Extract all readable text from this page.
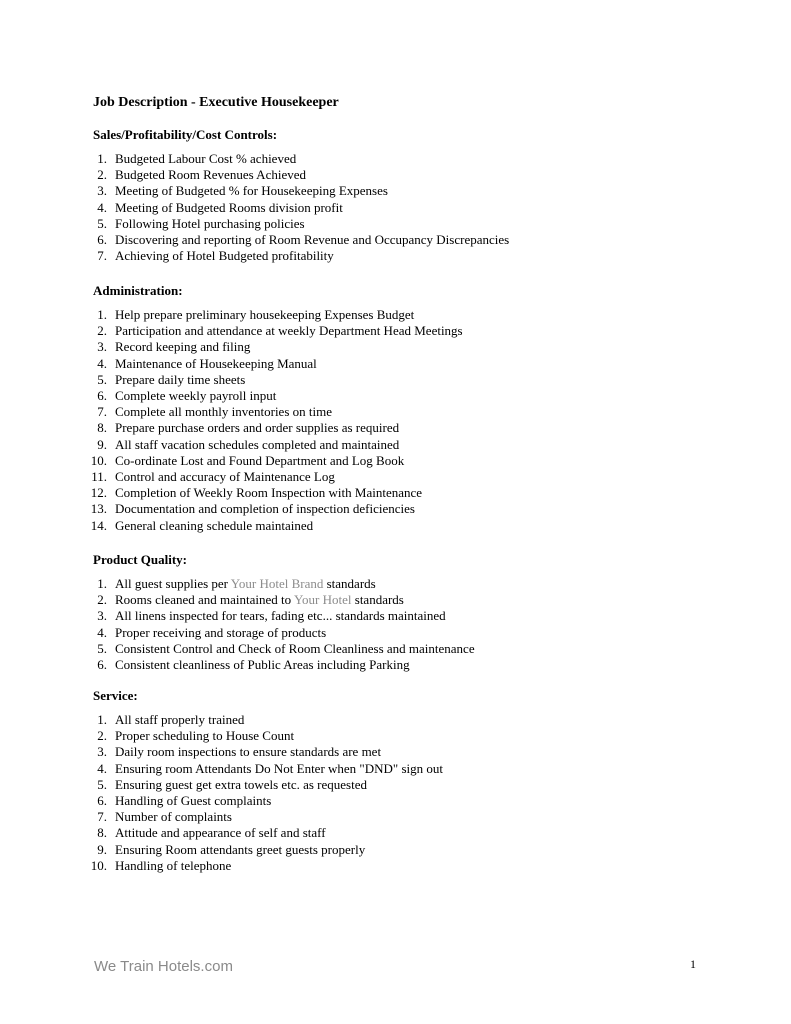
Job Description - Executive Housekeeper
Sales/Profitability/Cost Controls:
1. Budgeted Labour Cost % achieved
2. Budgeted Room Revenues Achieved
3. Meeting of Budgeted % for Housekeeping Expenses
4. Meeting of Budgeted Rooms division profit
5. Following Hotel purchasing policies
6. Discovering and reporting of Room Revenue and Occupancy Discrepancies
7. Achieving of Hotel Budgeted profitability
Administration:
1. Help prepare preliminary housekeeping Expenses Budget
2. Participation and attendance at weekly Department Head Meetings
3. Record keeping and filing
4. Maintenance of Housekeeping Manual
5. Prepare daily time sheets
6. Complete weekly payroll input
7. Complete all monthly inventories on time
8. Prepare purchase orders and order supplies as required
9. All staff vacation schedules completed and maintained
10. Co-ordinate Lost and Found Department and Log Book
11. Control and accuracy of Maintenance Log
12. Completion of Weekly Room Inspection with Maintenance
13. Documentation and completion of inspection deficiencies
14. General cleaning schedule maintained
Product Quality:
1. All guest supplies per Your Hotel Brand standards
2. Rooms cleaned and maintained to Your Hotel standards
3. All linens inspected for tears, fading etc... standards maintained
4. Proper receiving and storage of products
5. Consistent Control and Check of Room Cleanliness and maintenance
6. Consistent cleanliness of Public Areas including Parking
Service:
1. All staff properly trained
2. Proper scheduling to House Count
3. Daily room inspections to ensure standards are met
4. Ensuring room Attendants Do Not Enter when "DND" sign out
5. Ensuring guest get extra towels etc. as requested
6. Handling of Guest complaints
7. Number of complaints
8. Attitude and appearance of self and staff
9. Ensuring Room attendants greet guests properly
10. Handling of telephone
We Train Hotels.com	1
